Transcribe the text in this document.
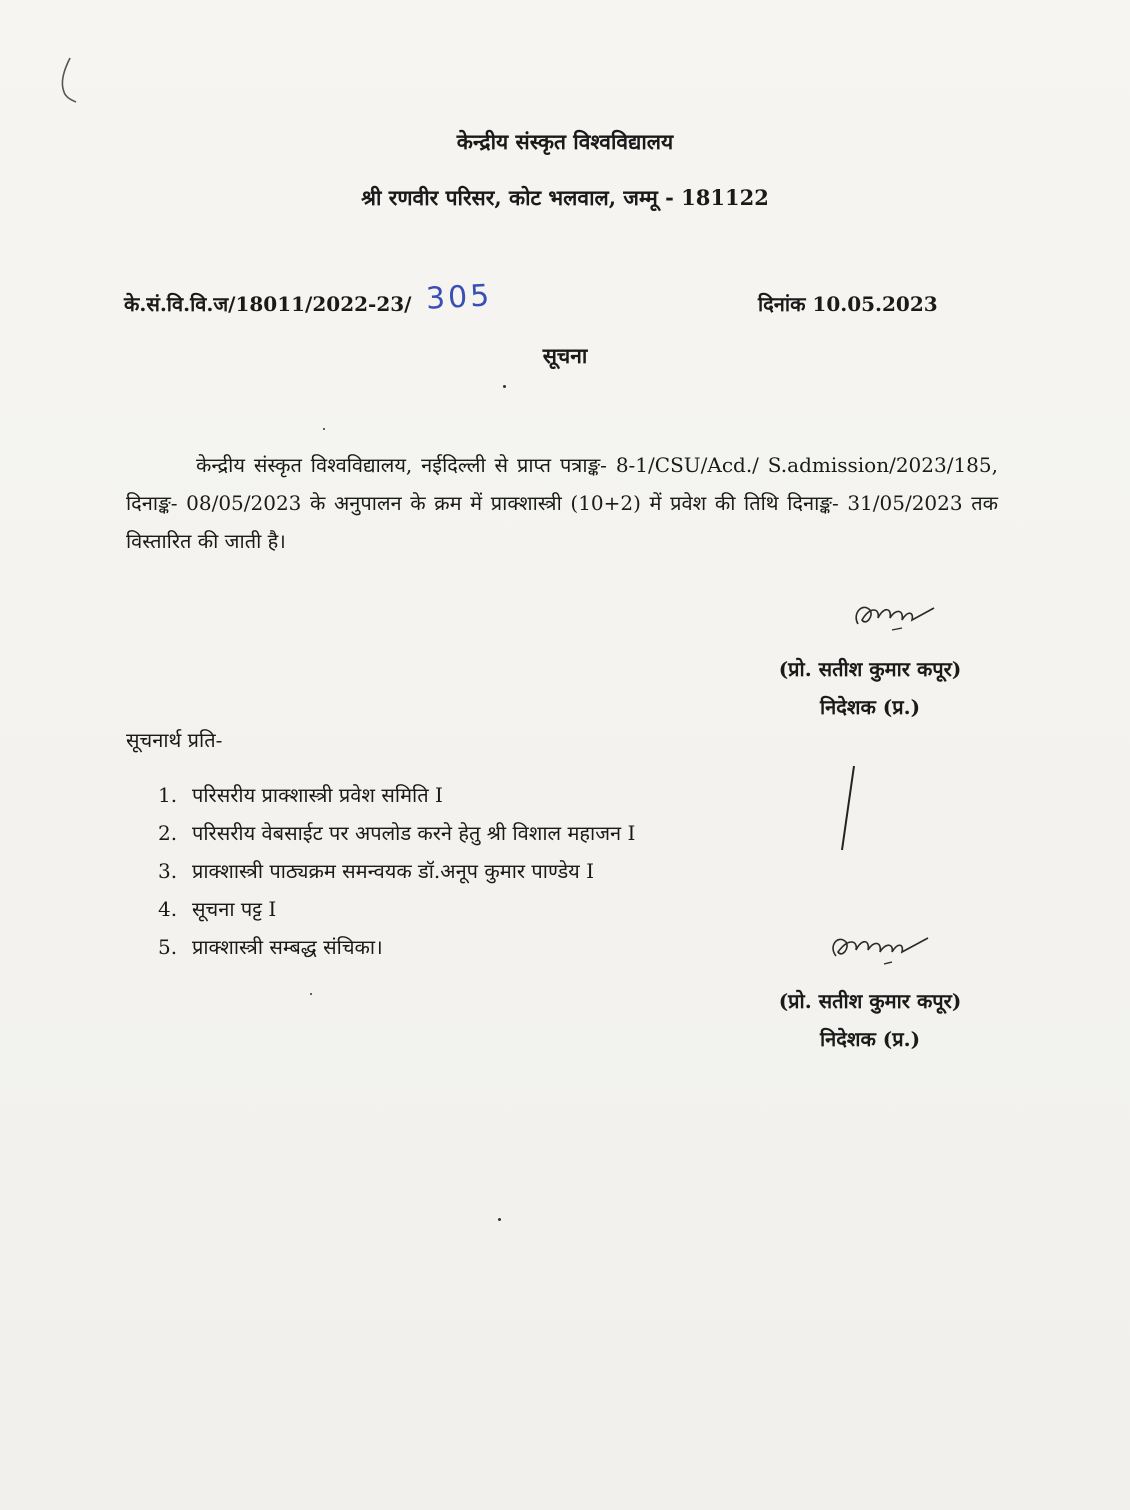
केन्द्रीय संस्कृत विश्वविद्यालय
श्री रणवीर परिसर, कोट भलवाल, जम्मू - 181122
के.सं.वि.वि.ज/18011/2022-23/ 305	दिनांक 10.05.2023
सूचना
केन्द्रीय संस्कृत विश्वविद्यालय, नईदिल्ली से प्राप्त पत्राङ्क- 8-1/CSU/Acd./ S.admission/2023/185, दिनाङ्क- 08/05/2023 के अनुपालन के क्रम में प्राक्शास्त्री (10+2) में प्रवेश की तिथि दिनाङ्क- 31/05/2023 तक विस्तारित की जाती है।
(प्रो. सतीश कुमार कपूर)
निदेशक (प्र.)
सूचनार्थ प्रति-
1. परिसरीय प्राक्शास्त्री प्रवेश समिति I
2. परिसरीय वेबसाईट पर अपलोड करने हेतु श्री विशाल महाजन I
3. प्राक्शास्त्री पाठ्यक्रम समन्वयक डॉ.अनूप कुमार पाण्डेय I
4. सूचना पट्ट I
5. प्राक्शास्त्री सम्बद्ध संचिका।
(प्रो. सतीश कुमार कपूर)
निदेशक (प्र.)
